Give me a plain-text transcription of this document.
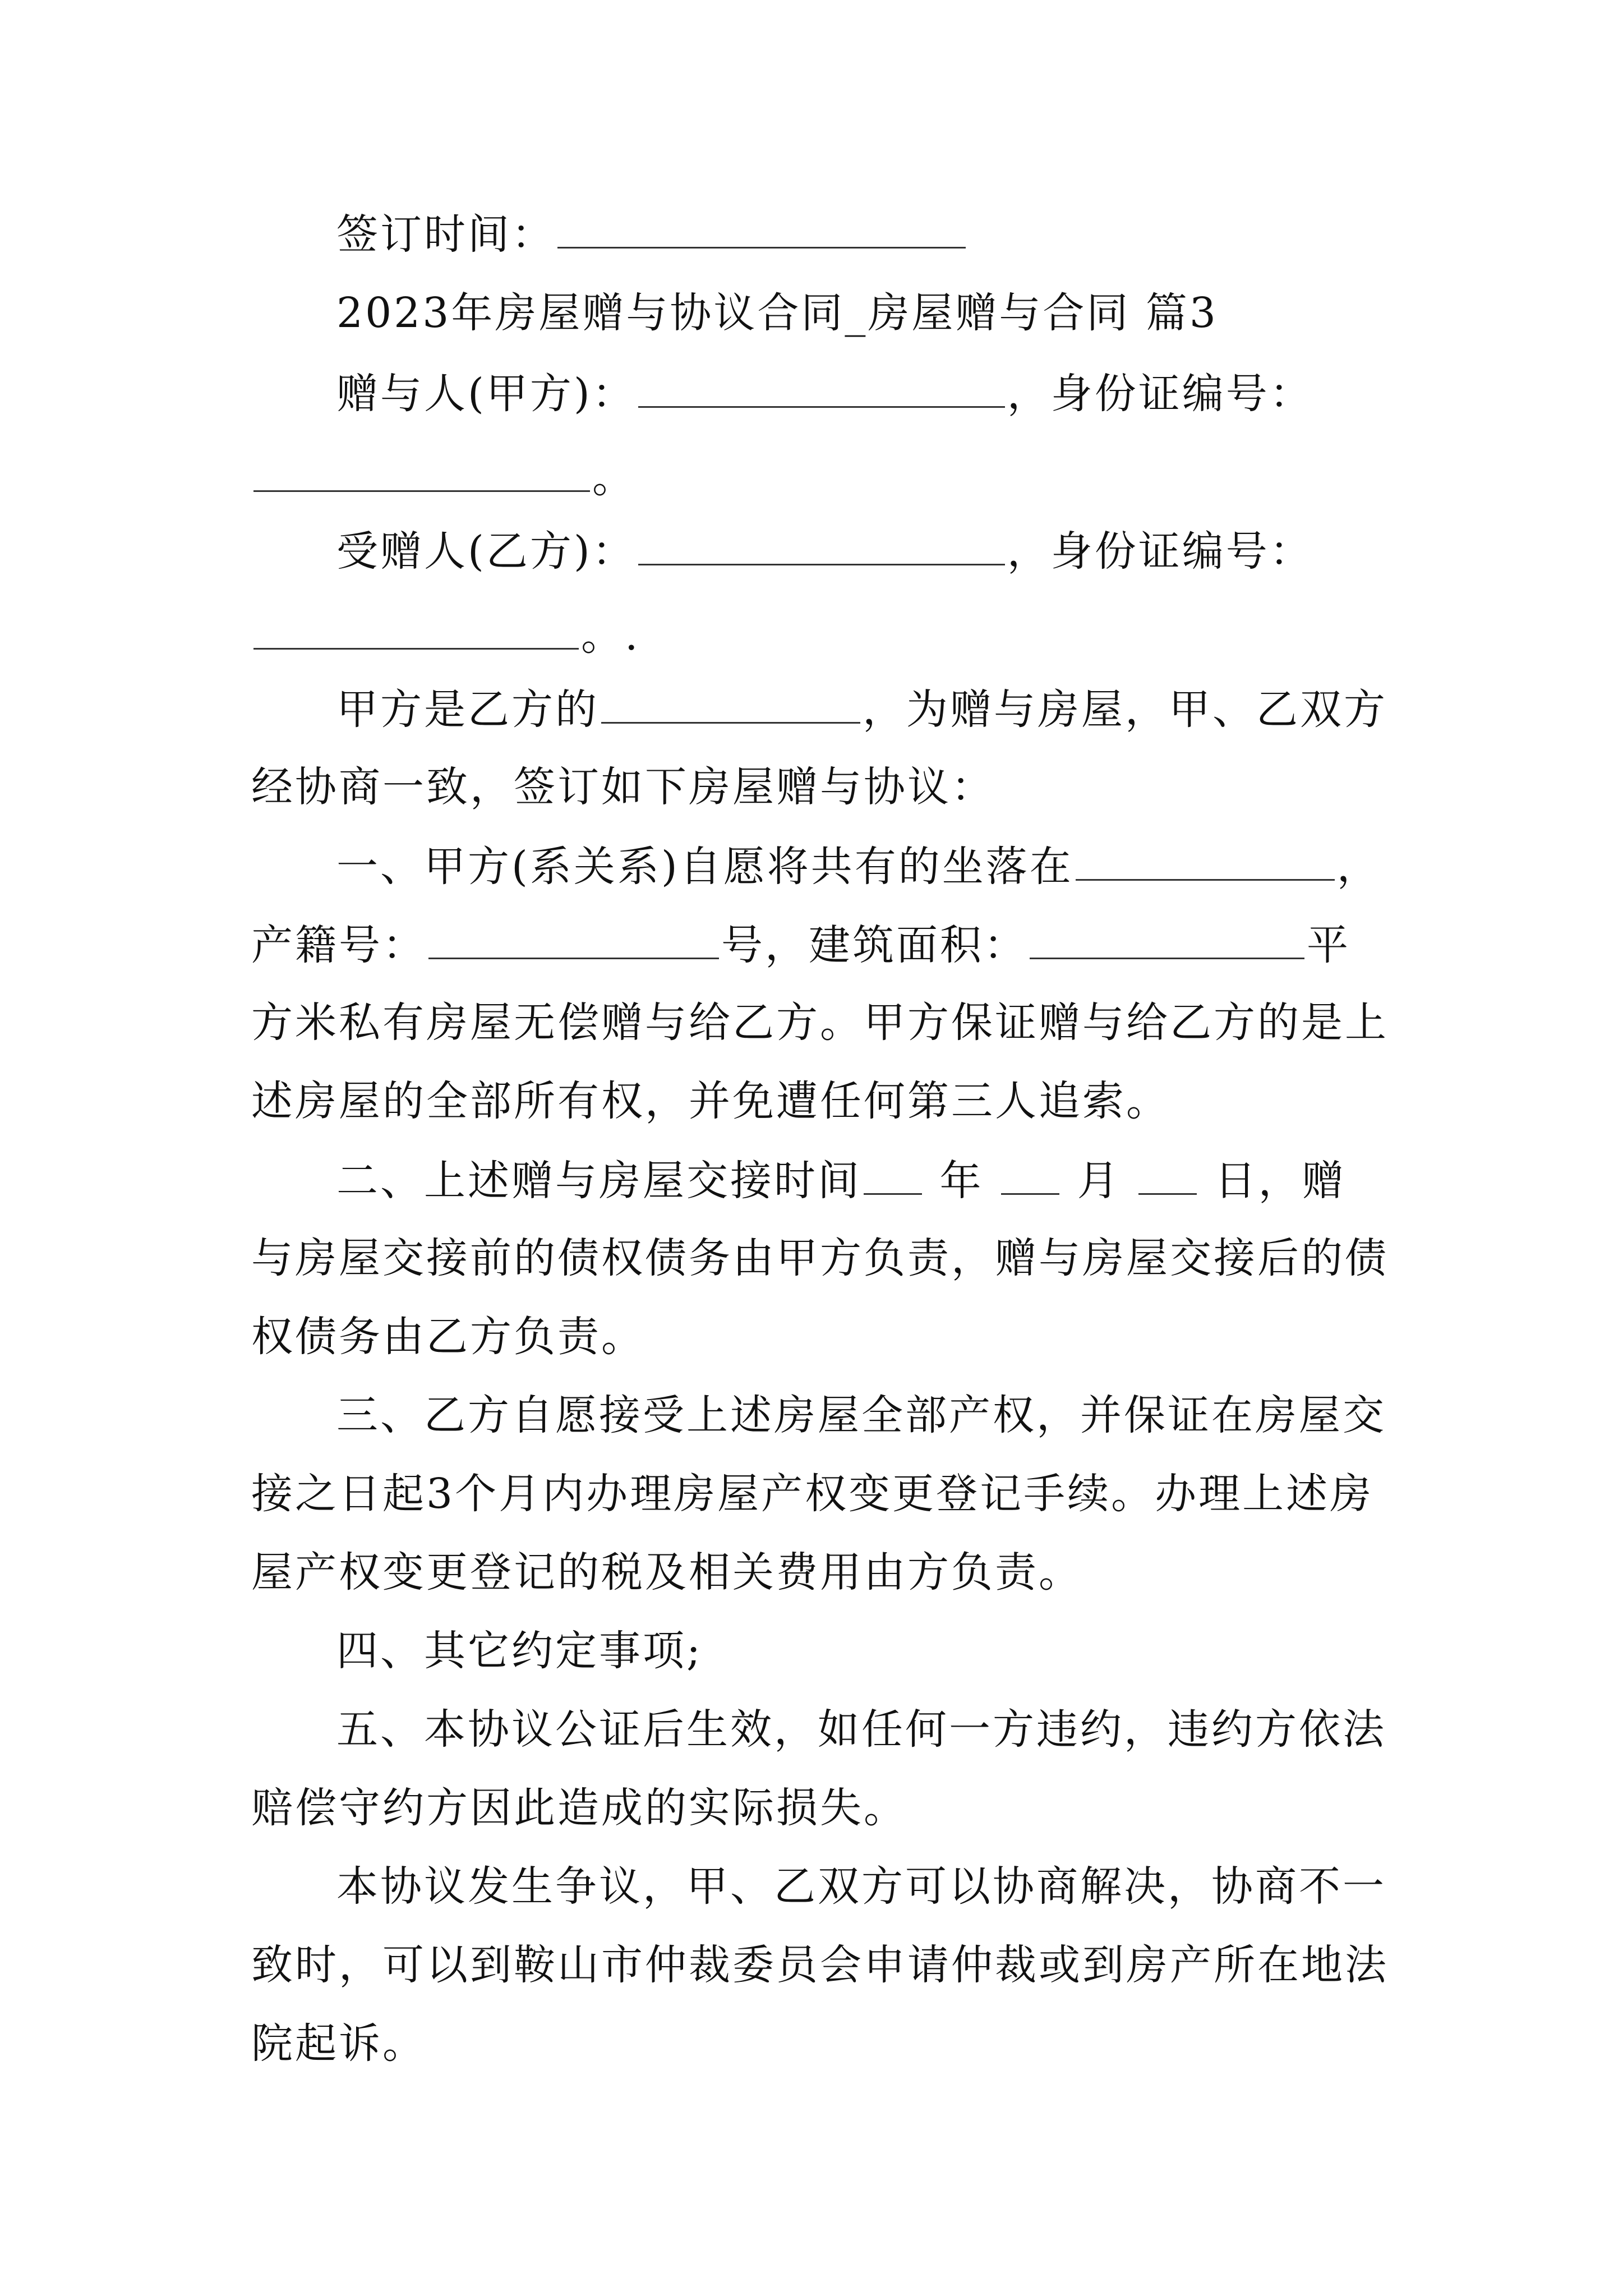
签订时间：
2023年房屋赠与协议合同_房屋赠与合同 篇3
赠与人(甲方)：	，身份证编号：
。
受赠人(乙方)：	，身份证编号：
。.
甲方是乙方的	，为赠与房屋，甲、乙双方
经协商一致，签订如下房屋赠与协议：
一、甲方(系关系)自愿将共有的坐落在	，
产籍号：	号，建筑面积：	平
方米私有房屋无偿赠与给乙方。甲方保证赠与给乙方的是上
述房屋的全部所有权，并免遭任何第三人追索。
二、上述赠与房屋交接时间 年 月 日，赠
与房屋交接前的债权债务由甲方负责，赠与房屋交接后的债
权债务由乙方负责。
三、乙方自愿接受上述房屋全部产权，并保证在房屋交
接之日起3个月内办理房屋产权变更登记手续。办理上述房
屋产权变更登记的税及相关费用由方负责。
四、其它约定事项;
五、本协议公证后生效，如任何一方违约，违约方依法
赔偿守约方因此造成的实际损失。
本协议发生争议，甲、乙双方可以协商解决，协商不一
致时，可以到鞍山市仲裁委员会申请仲裁或到房产所在地法
院起诉。
